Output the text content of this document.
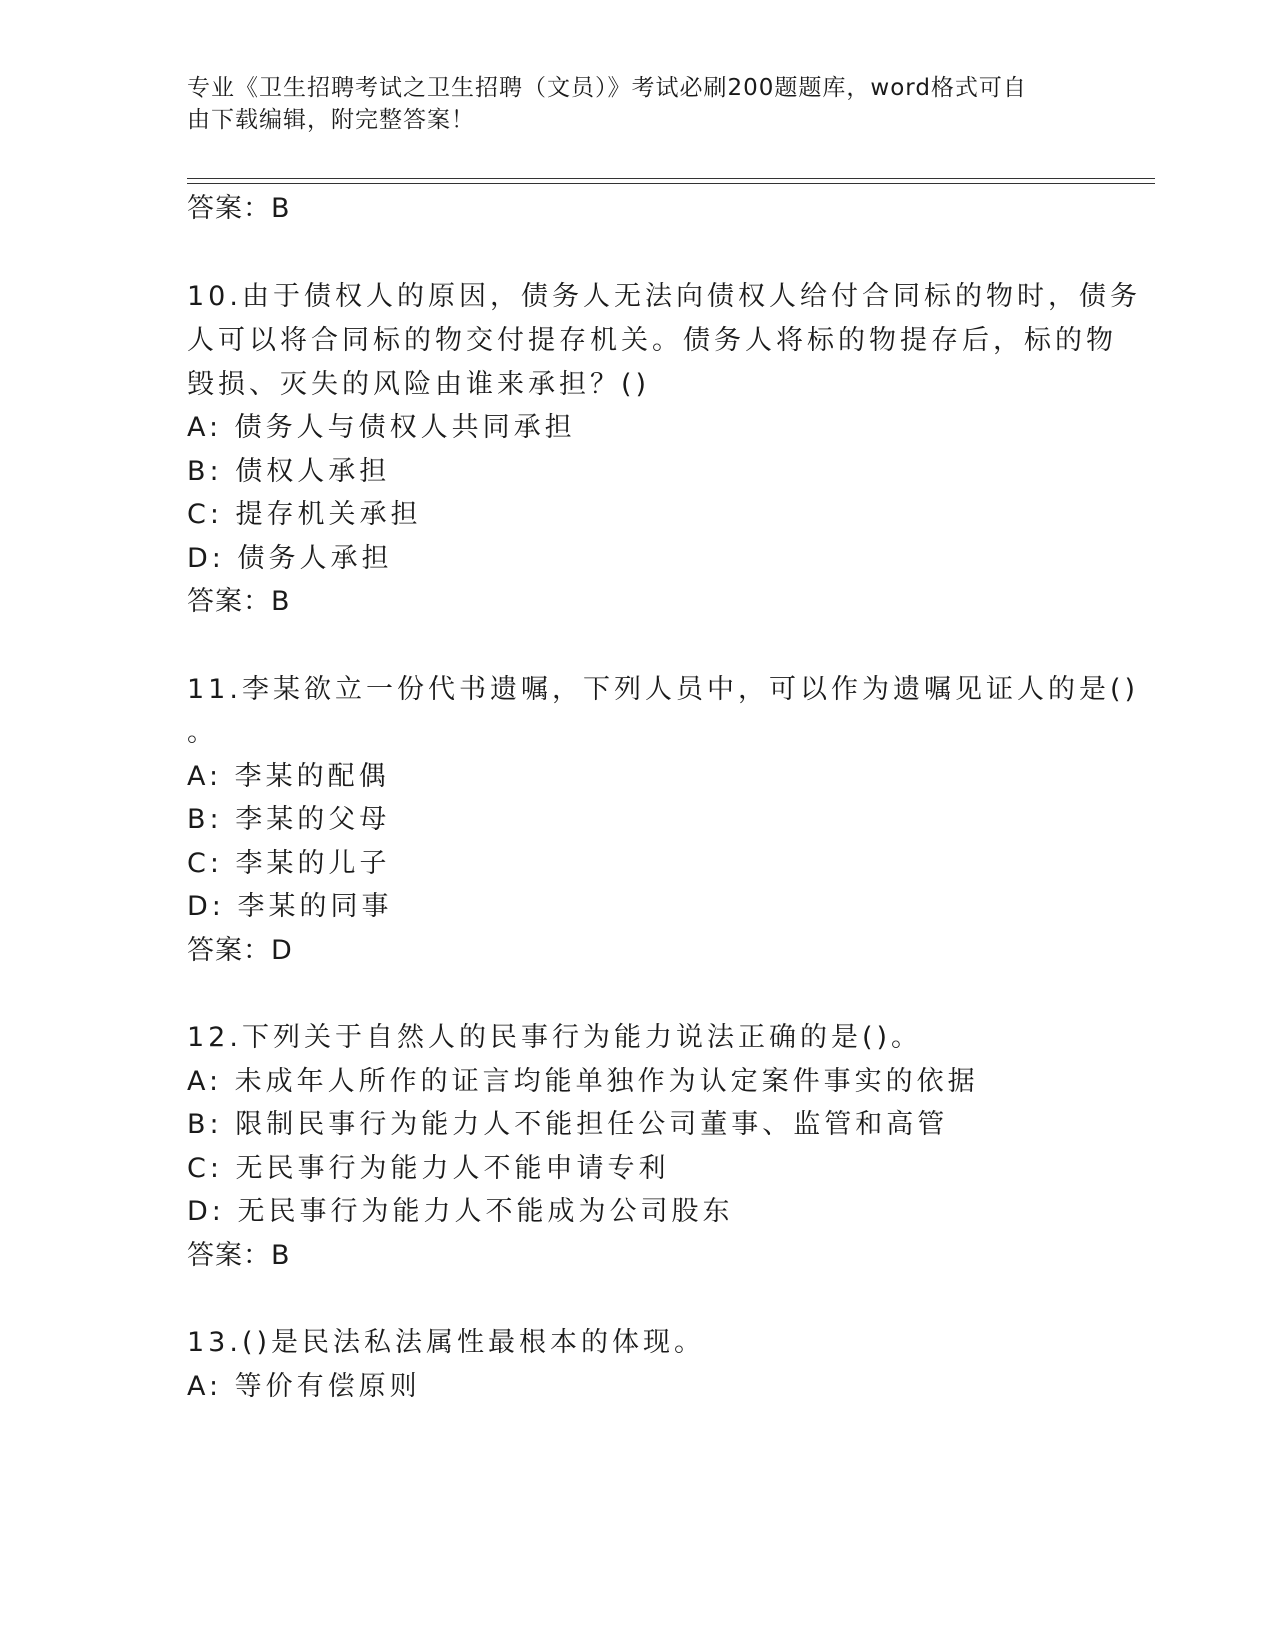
专业《卫生招聘考试之卫生招聘（文员）》考试必刷200题题库，word格式可自
由下载编辑，附完整答案！
答案：B
10.由于债权人的原因，债务人无法向债权人给付合同标的物时，债务
人可以将合同标的物交付提存机关。债务人将标的物提存后，标的物
毁损、灭失的风险由谁来承担？()
A: 债务人与债权人共同承担
B: 债权人承担
C: 提存机关承担
D: 债务人承担
答案：B
11.李某欲立一份代书遗嘱，下列人员中，可以作为遗嘱见证人的是()
。
A: 李某的配偶
B: 李某的父母
C: 李某的儿子
D: 李某的同事
答案：D
12.下列关于自然人的民事行为能力说法正确的是()。
A: 未成年人所作的证言均能单独作为认定案件事实的依据
B: 限制民事行为能力人不能担任公司董事、监管和高管
C: 无民事行为能力人不能申请专利
D: 无民事行为能力人不能成为公司股东
答案：B
13.()是民法私法属性最根本的体现。
A: 等价有偿原则
